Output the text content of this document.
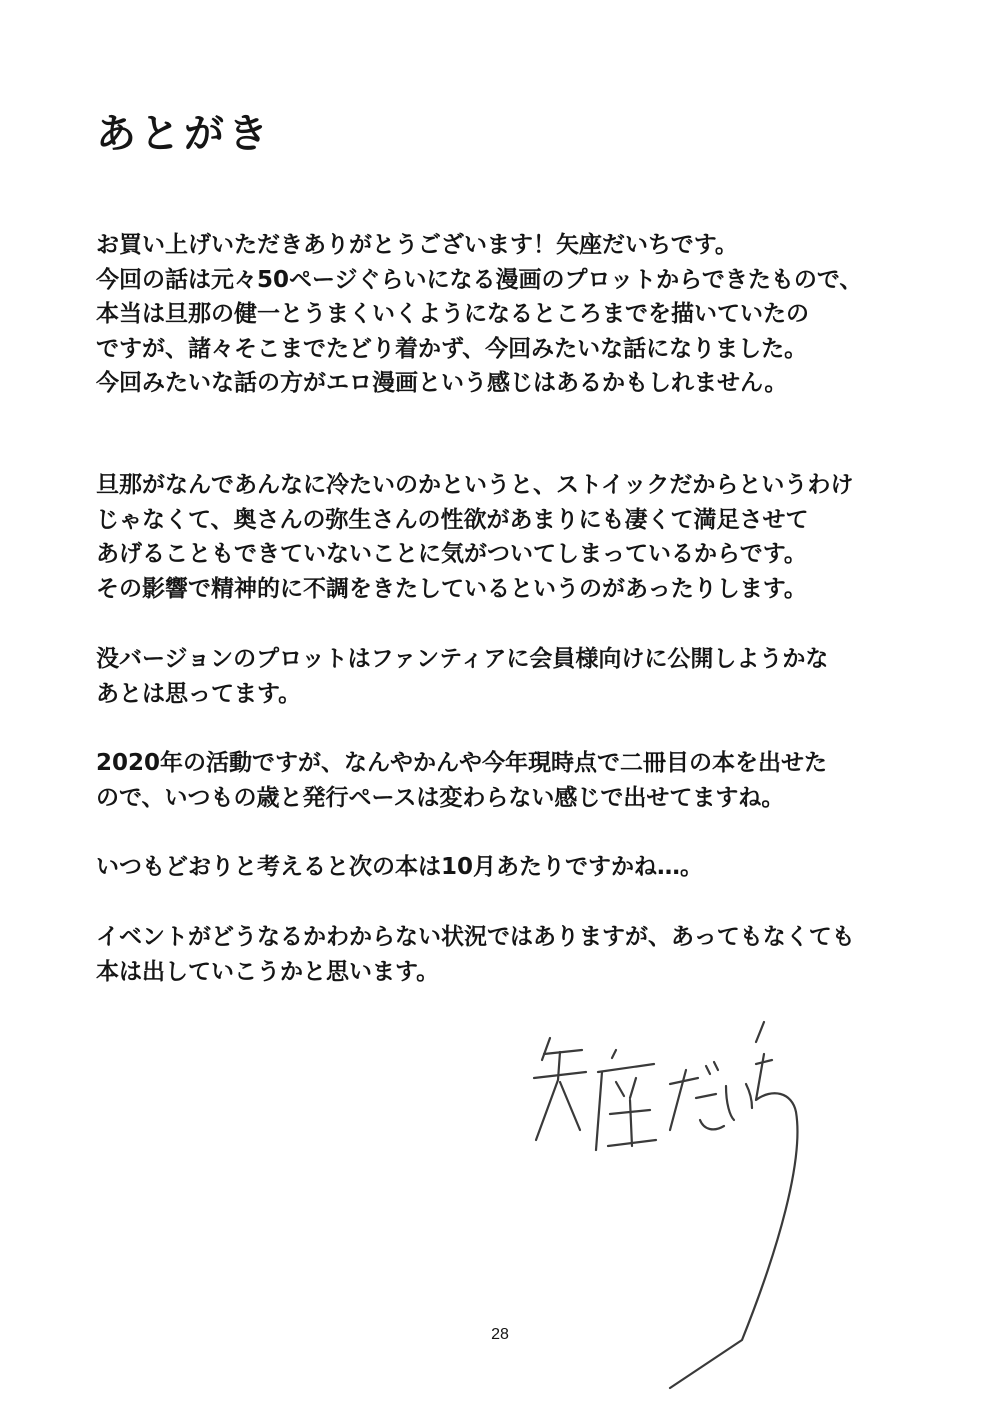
あとがき

お買い上げいただきありがとうございます！矢座だいちです。
今回の話は元々50ページぐらいになる漫画のプロットからできたもので、
本当は旦那の健一とうまくいくようになるところまでを描いていたの
ですが、諸々そこまでたどり着かず、今回みたいな話になりました。
今回みたいな話の方がエロ漫画という感じはあるかもしれません。

旦那がなんであんなに冷たいのかというと、ストイックだからというわけ
じゃなくて、奥さんの弥生さんの性欲があまりにも凄くて満足させて
あげることもできていないことに気がついてしまっているからです。
その影響で精神的に不調をきたしているというのがあったりします。

没バージョンのプロットはファンティアに会員様向けに公開しようかな
あとは思ってます。

2020年の活動ですが、なんやかんや今年現時点で二冊目の本を出せた
ので、いつもの歳と発行ペースは変わらない感じで出せてますね。

いつもどおりと考えると次の本は10月あたりですかね…。

イベントがどうなるかわからない状況ではありますが、あってもなくても
本は出していこうかと思います。

28
